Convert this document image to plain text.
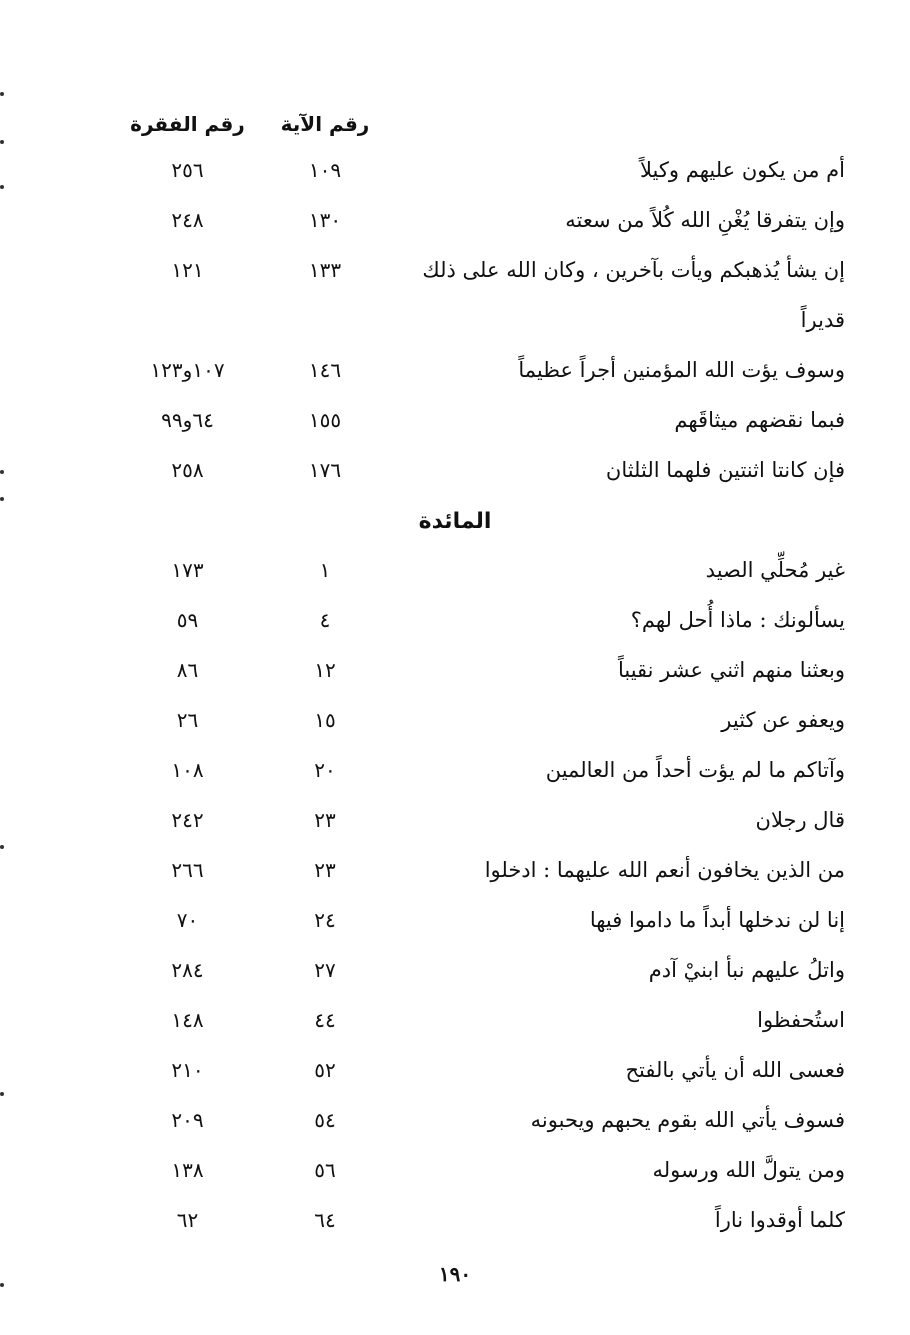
رقم الآية
رقم الفقرة
أم من يكون عليهم وكيلاً
١٠٩
٢٥٦
وإن يتفرقا يُغْنِ الله كُلاً من سعته
١٣٠
٢٤٨
إن يشأ يُذهبكم ويأت بآخرين ، وكان الله على ذلك
١٣٣
١٢١
قديراً
وسوف يؤت الله المؤمنين أجراً عظيماً
١٤٦
١٠٧و١٢٣
فبما نقضهم ميثاقَهم
١٥٥
٦٤و٩٩
فإن كانتا اثنتين فلهما الثلثان
١٧٦
٢٥٨
المائدة
غير مُحلِّي الصيد
١
١٧٣
يسألونك : ماذا أُحل لهم؟
٤
٥٩
وبعثنا منهم اثني عشر نقيباً
١٢
٨٦
ويعفو عن كثير
١٥
٢٦
وآتاكم ما لم يؤت أحداً من العالمين
٢٠
١٠٨
قال رجلان
٢٣
٢٤٢
من الذين يخافون أنعم الله عليهما : ادخلوا
٢٣
٢٦٦
إنا لن ندخلها أبداً ما داموا فيها
٢٤
٧٠
واتلُ عليهم نبأ ابنيْ آدم
٢٧
٢٨٤
استُحفظوا
٤٤
١٤٨
فعسى الله أن يأتي بالفتح
٥٢
٢١٠
فسوف يأتي الله بقوم يحبهم ويحبونه
٥٤
٢٠٩
ومن يتولَّ الله ورسوله
٥٦
١٣٨
كلما أوقدوا ناراً
٦٤
٦٢
١٩٠
